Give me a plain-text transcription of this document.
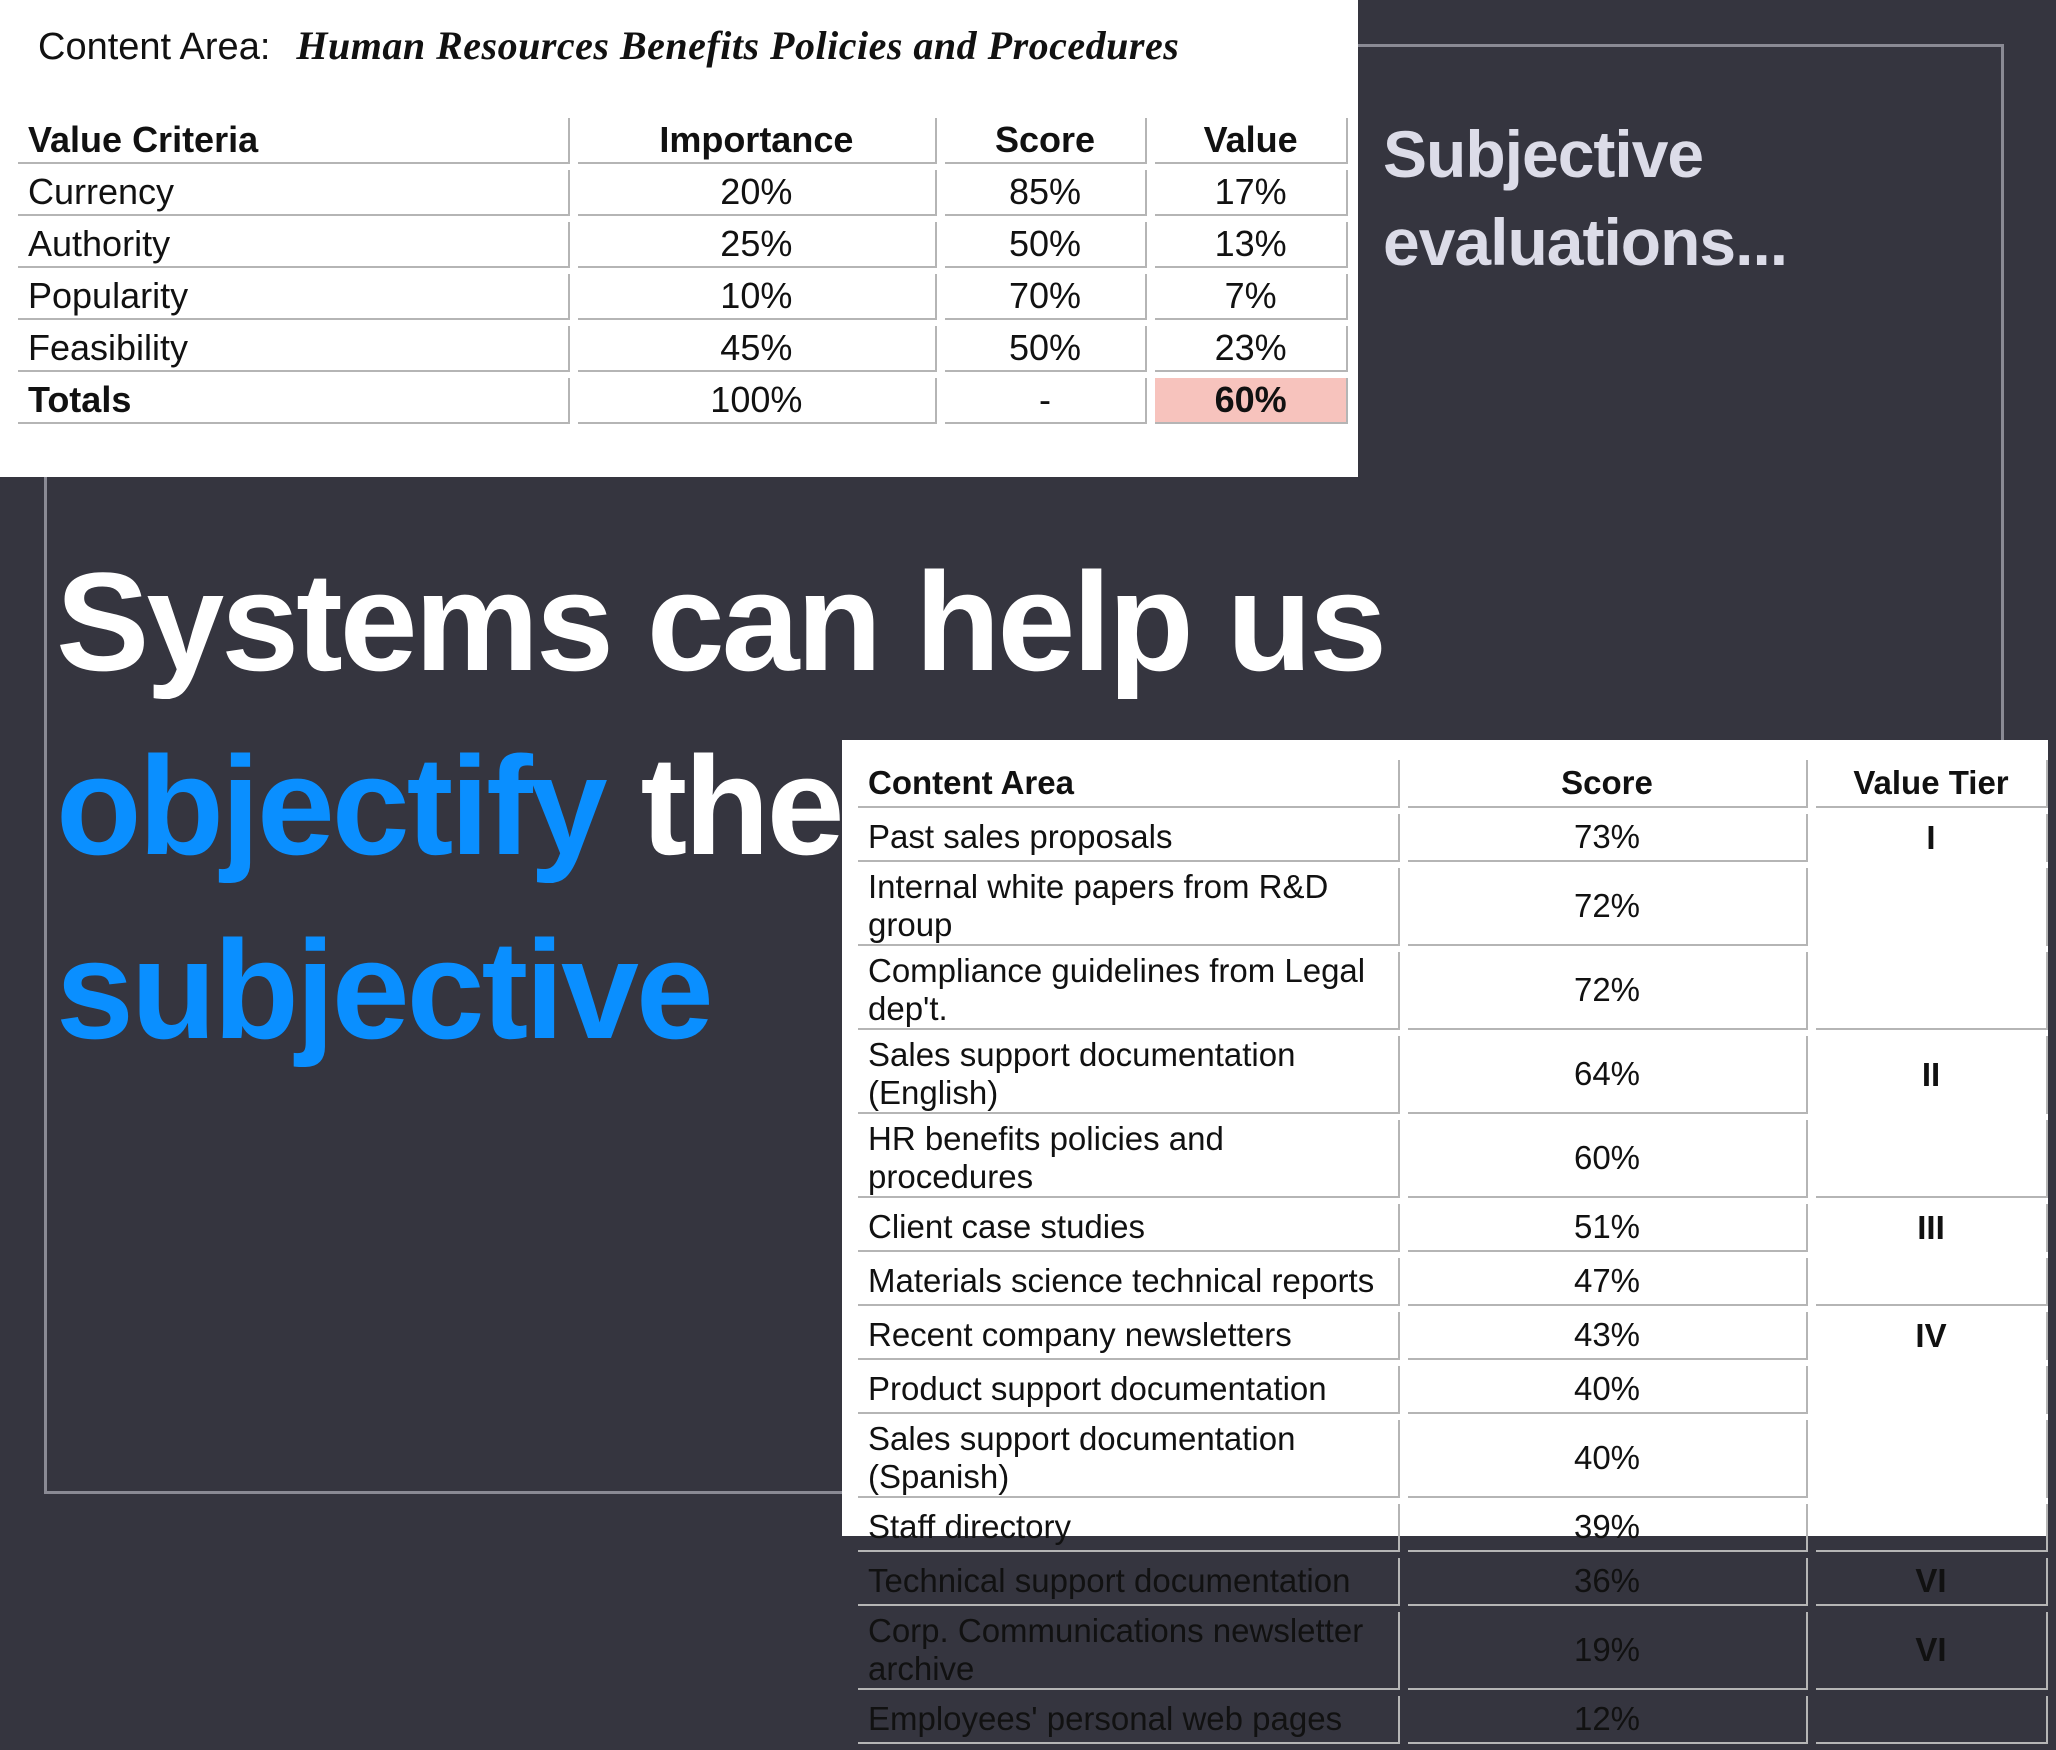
Content Area: Human Resources Benefits Policies and Procedures
Value Criteria	Importance	Score	Value
Currency	20%	85%	17%
Authority	25%	50%	13%
Popularity	10%	70%	7%
Feasibility	45%	50%	23%
Totals	100%	-	60%
Subjective
evaluations...
Systems can help us
objectify the
subjective
Content Area	Score	Value Tier
Past sales proposals	73%	I
Internal white papers from R&D group	72%	
Compliance guidelines from Legal dep't.	72%	
Sales support documentation (English)	64%	II
HR benefits policies and procedures	60%	
Client case studies	51%	III
Materials science technical reports	47%	
Recent company newsletters	43%	IV
Product support documentation	40%	
Sales support documentation (Spanish)	40%	
Staff directory	39%	
Technical support documentation	36%	VI
Corp. Communications newsletter archive	19%	VI
Employees' personal web pages	12%	
